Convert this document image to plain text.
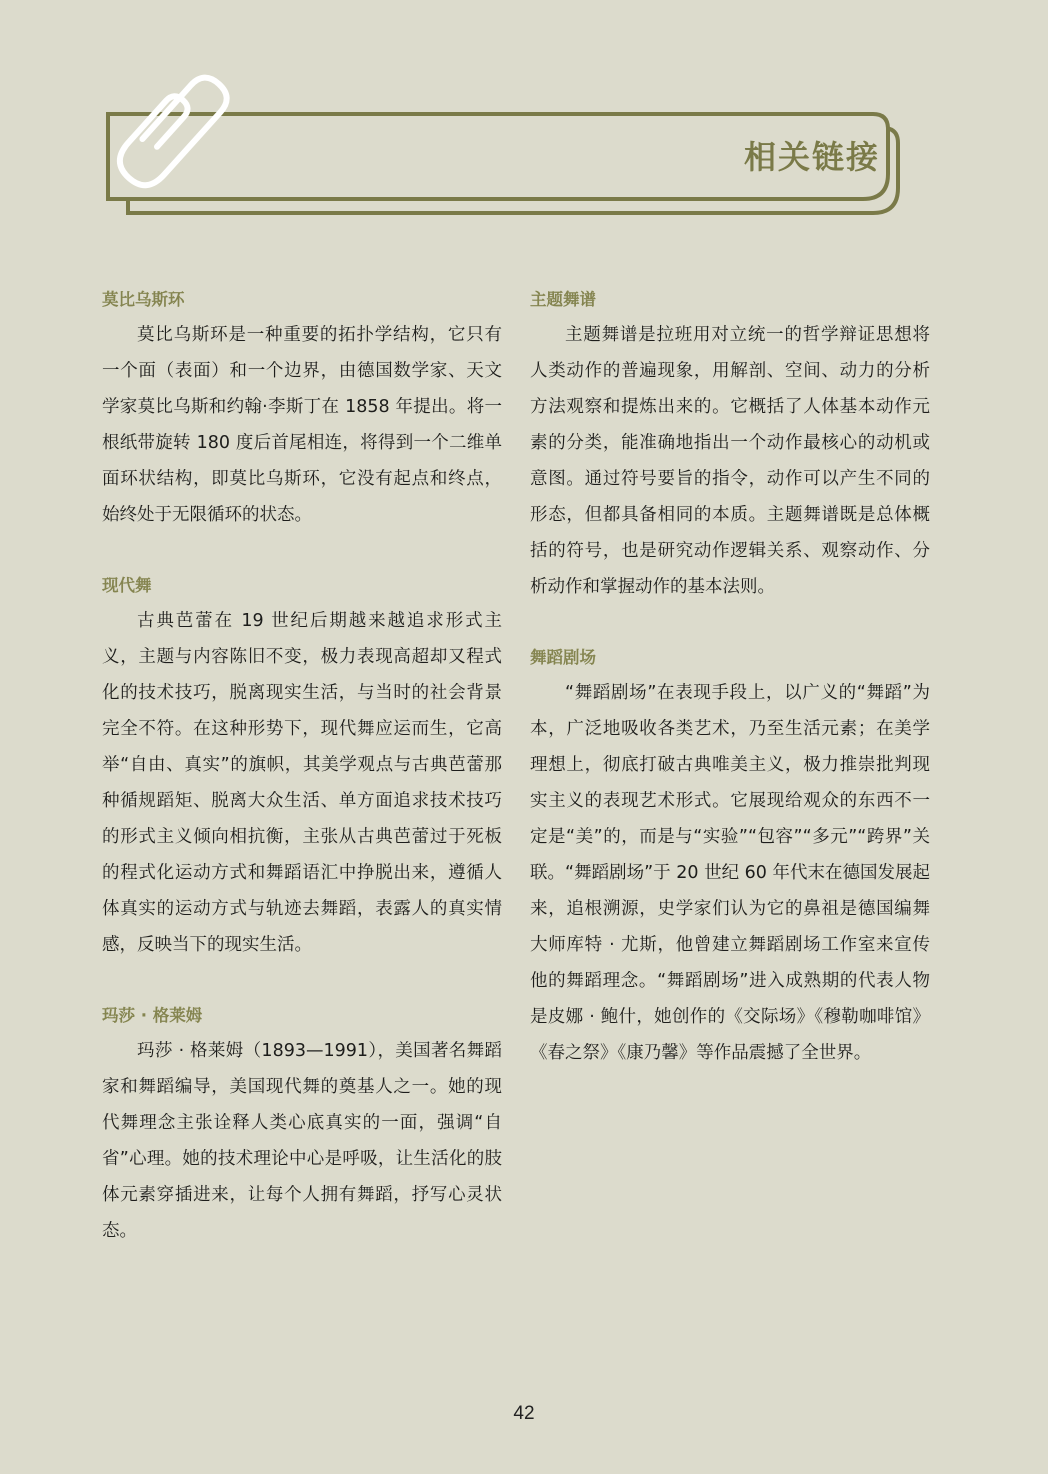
相关链接
莫比乌斯环

莫比乌斯环是一种重要的拓扑学结构，它只有一个面（表面）和一个边界，由德国数学家、天文学家莫比乌斯和约翰·李斯丁在 1858 年提出。将一根纸带旋转 180 度后首尾相连，将得到一个二维单面环状结构，即莫比乌斯环，它没有起点和终点，始终处于无限循环的状态。

现代舞

古典芭蕾在 19 世纪后期越来越追求形式主义，主题与内容陈旧不变，极力表现高超却又程式化的技术技巧，脱离现实生活，与当时的社会背景完全不符。在这种形势下，现代舞应运而生，它高举“自由、真实”的旗帜，其美学观点与古典芭蕾那种循规蹈矩、脱离大众生活、单方面追求技术技巧的形式主义倾向相抗衡，主张从古典芭蕾过于死板的程式化运动方式和舞蹈语汇中挣脱出来，遵循人体真实的运动方式与轨迹去舞蹈，表露人的真实情感，反映当下的现实生活。

玛莎 · 格莱姆

玛莎 · 格莱姆（1893—1991），美国著名舞蹈家和舞蹈编导，美国现代舞的奠基人之一。她的现代舞理念主张诠释人类心底真实的一面，强调“自省”心理。她的技术理论中心是呼吸，让生活化的肢体元素穿插进来，让每个人拥有舞蹈，抒写心灵状态。

主题舞谱

主题舞谱是拉班用对立统一的哲学辩证思想将人类动作的普遍现象，用解剖、空间、动力的分析方法观察和提炼出来的。它概括了人体基本动作元素的分类，能准确地指出一个动作最核心的动机或意图。通过符号要旨的指令，动作可以产生不同的形态，但都具备相同的本质。主题舞谱既是总体概括的符号，也是研究动作逻辑关系、观察动作、分析动作和掌握动作的基本法则。

舞蹈剧场

“舞蹈剧场”在表现手段上，以广义的“舞蹈”为本，广泛地吸收各类艺术，乃至生活元素；在美学理想上，彻底打破古典唯美主义，极力推崇批判现实主义的表现艺术形式。它展现给观众的东西不一定是“美”的，而是与“实验”“包容”“多元”“跨界”关联。“舞蹈剧场”于 20 世纪 60 年代末在德国发展起来，追根溯源，史学家们认为它的鼻祖是德国编舞大师库特 · 尤斯，他曾建立舞蹈剧场工作室来宣传他的舞蹈理念。“舞蹈剧场”进入成熟期的代表人物是皮娜 · 鲍什，她创作的《交际场》《穆勒咖啡馆》《春之祭》《康乃馨》等作品震撼了全世界。

42
